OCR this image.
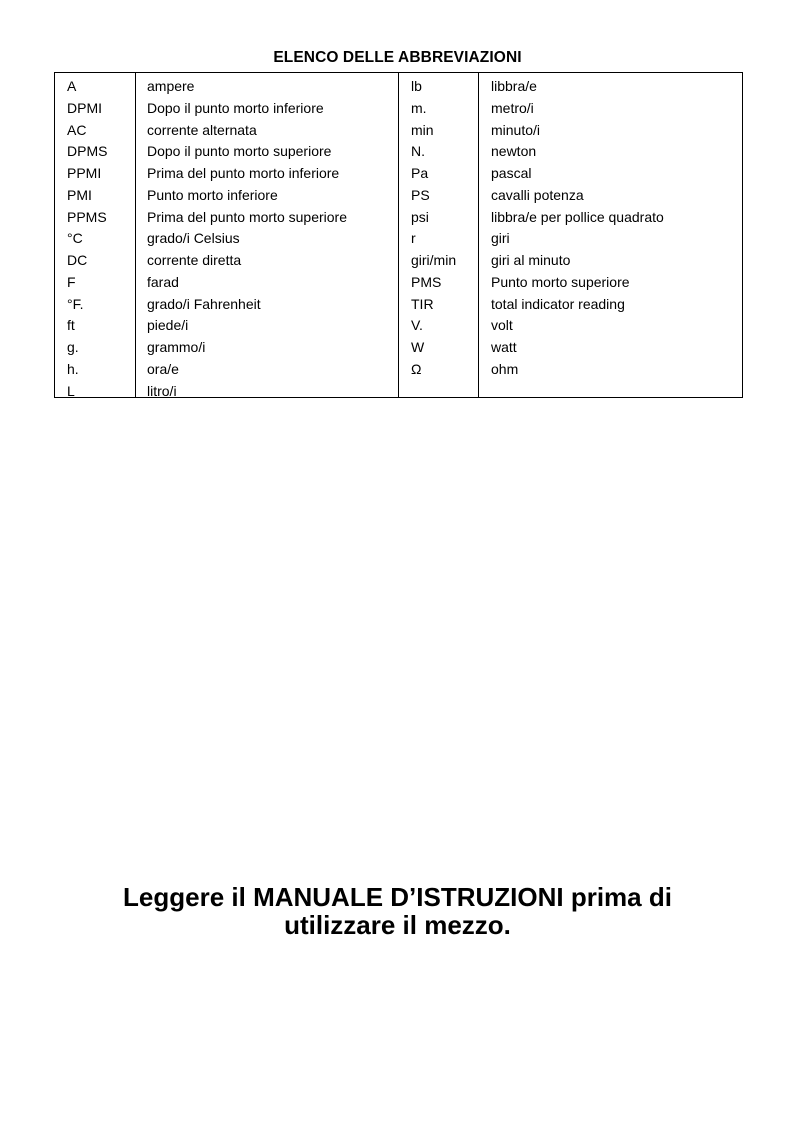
ELENCO DELLE ABBREVIAZIONI
A
DPMI
AC
DPMS
PPMI
PMI
PPMS
°C
DC
F
°F.
ft
g.
h.
L
ampere
Dopo il punto morto inferiore
corrente alternata
Dopo il punto morto superiore
Prima del punto morto inferiore
Punto morto inferiore
Prima del punto morto superiore
grado/i Celsius
corrente diretta
farad
grado/i Fahrenheit
piede/i
grammo/i
ora/e
litro/i
lb
m.
min
N.
Pa
PS
psi
r
giri/min
PMS
TIR
V.
W
Ω
libbra/e
metro/i
minuto/i
newton
pascal
cavalli potenza
libbra/e per pollice quadrato
giri
giri al minuto
Punto morto superiore
total indicator reading
volt
watt
ohm
Leggere il MANUALE D’ISTRUZIONI prima di
utilizzare il mezzo.
